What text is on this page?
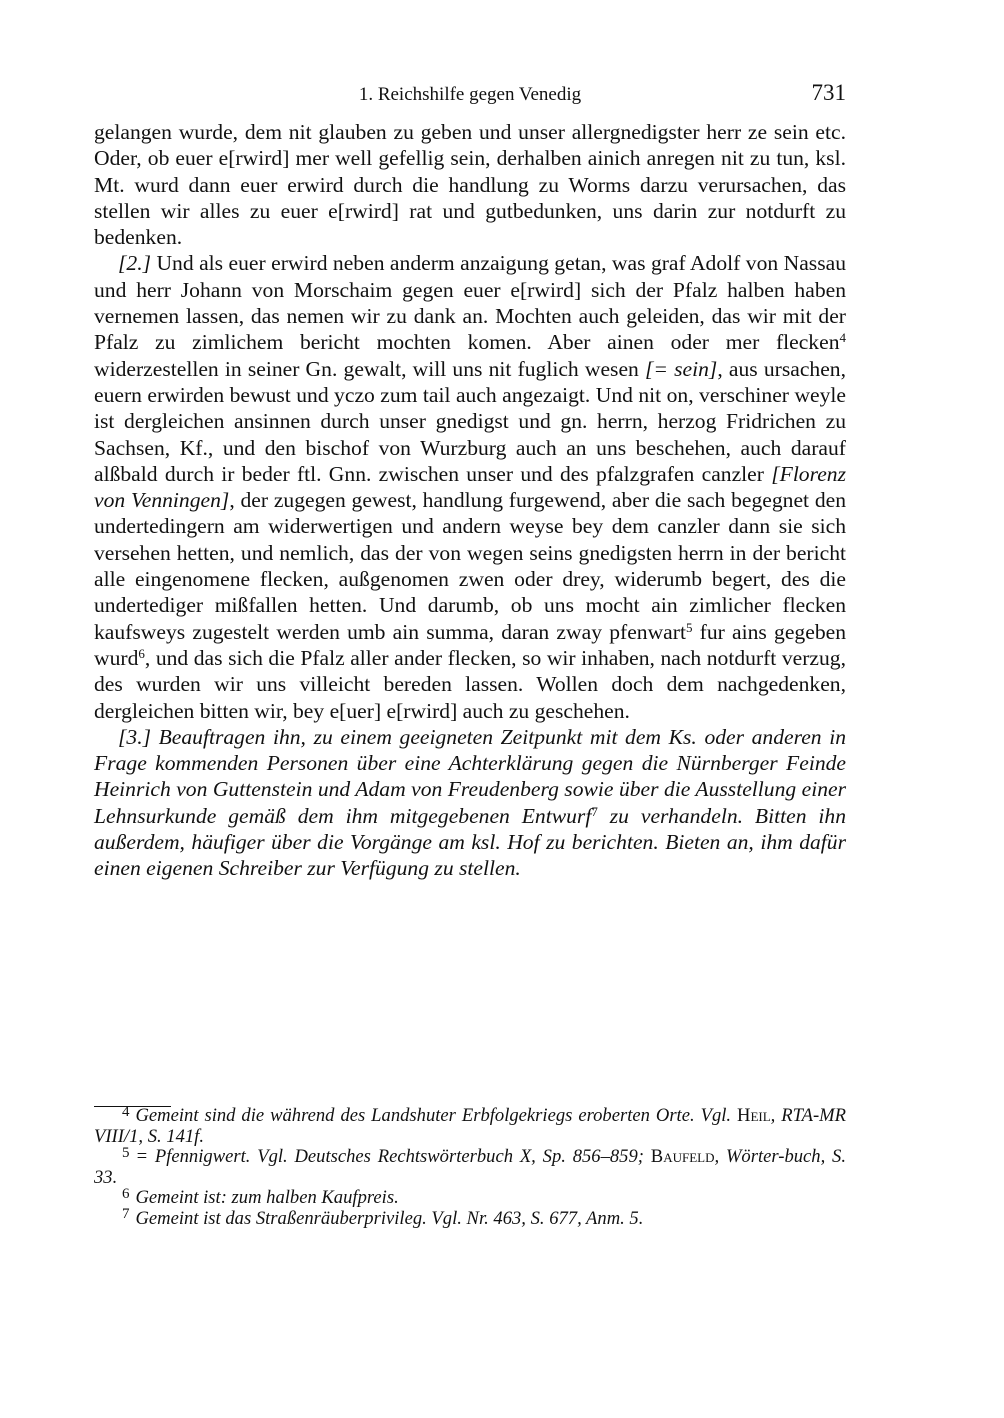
1. Reichshilfe gegen Venedig	731

gelangen wurde, dem nit glauben zu geben und unser allergnedigster herr ze sein etc. Oder, ob euer e[rwird] mer well gefellig sein, derhalben ainich anregen nit zu tun, ksl. Mt. wurd dann euer erwird durch die handlung zu Worms darzu verursachen, das stellen wir alles zu euer e[rwird] rat und gutbedunken, uns darin zur notdurft zu bedenken.

[2.] Und als euer erwird neben anderm anzaigung getan, was graf Adolf von Nassau und herr Johann von Morschaim gegen euer e[rwird] sich der Pfalz halben haben vernemen lassen, das nemen wir zu dank an. Mochten auch geleiden, das wir mit der Pfalz zu zimlichem bericht mochten komen. Aber ainen oder mer flecken$^4$ widerzestellen in seiner Gn. gewalt, will uns nit fuglich wesen [= sein], aus ursachen, euern erwirden bewust und yczo zum tail auch angezaigt. Und nit on, verschiner weyle ist dergleichen ansinnen durch unser gnedigst und gn. herrn, herzog Fridrichen zu Sachsen, Kf., und den bischof von Wurzburg auch an uns beschehen, auch darauf alßbald durch ir beder ftl. Gnn. zwischen unser und des pfalzgrafen canzler [Florenz von Venningen], der zugegen gewest, handlung furgewend, aber die sach begegnet den undertedingern am widerwertigen und andern weyse bey dem canzler dann sie sich versehen hetten, und nemlich, das der von wegen seins gnedigsten herrn in der bericht alle eingenomene flecken, außgenomen zwen oder drey, widerumb begert, des die undertediger mißfallen hetten. Und darumb, ob uns mocht ain zimlicher flecken kaufsweys zugestelt werden umb ain summa, daran zway pfenwart$^5$ fur ains gegeben wurd$^6$, und das sich die Pfalz aller ander flecken, so wir inhaben, nach notdurft verzug, des wurden wir uns villeicht bereden lassen. Wollen doch dem nachgedenken, dergleichen bitten wir, bey e[uer] e[rwird] auch zu geschehen.

[3.] Beauftragen ihn, zu einem geeigneten Zeitpunkt mit dem Ks. oder anderen in Frage kommenden Personen über eine Achterklärung gegen die Nürnberger Feinde Heinrich von Guttenstein und Adam von Freudenberg sowie über die Ausstellung einer Lehnsurkunde gemäß dem ihm mitgegebenen Entwurf$^7$ zu verhandeln. Bitten ihn außerdem, häufiger über die Vorgänge am ksl. Hof zu berichten. Bieten an, ihm dafür einen eigenen Schreiber zur Verfügung zu stellen.

$^4$ Gemeint sind die während des Landshuter Erbfolgekriegs eroberten Orte. Vgl. Heil, RTA-MR VIII/1, S. 141f.

$^5$ = Pfennigwert. Vgl. Deutsches Rechtswörterbuch X, Sp. 856–859; Baufeld, Wörter-buch, S. 33.

$^6$ Gemeint ist: zum halben Kaufpreis.

$^7$ Gemeint ist das Straßenräuberprivileg. Vgl. Nr. 463, S. 677, Anm. 5.
